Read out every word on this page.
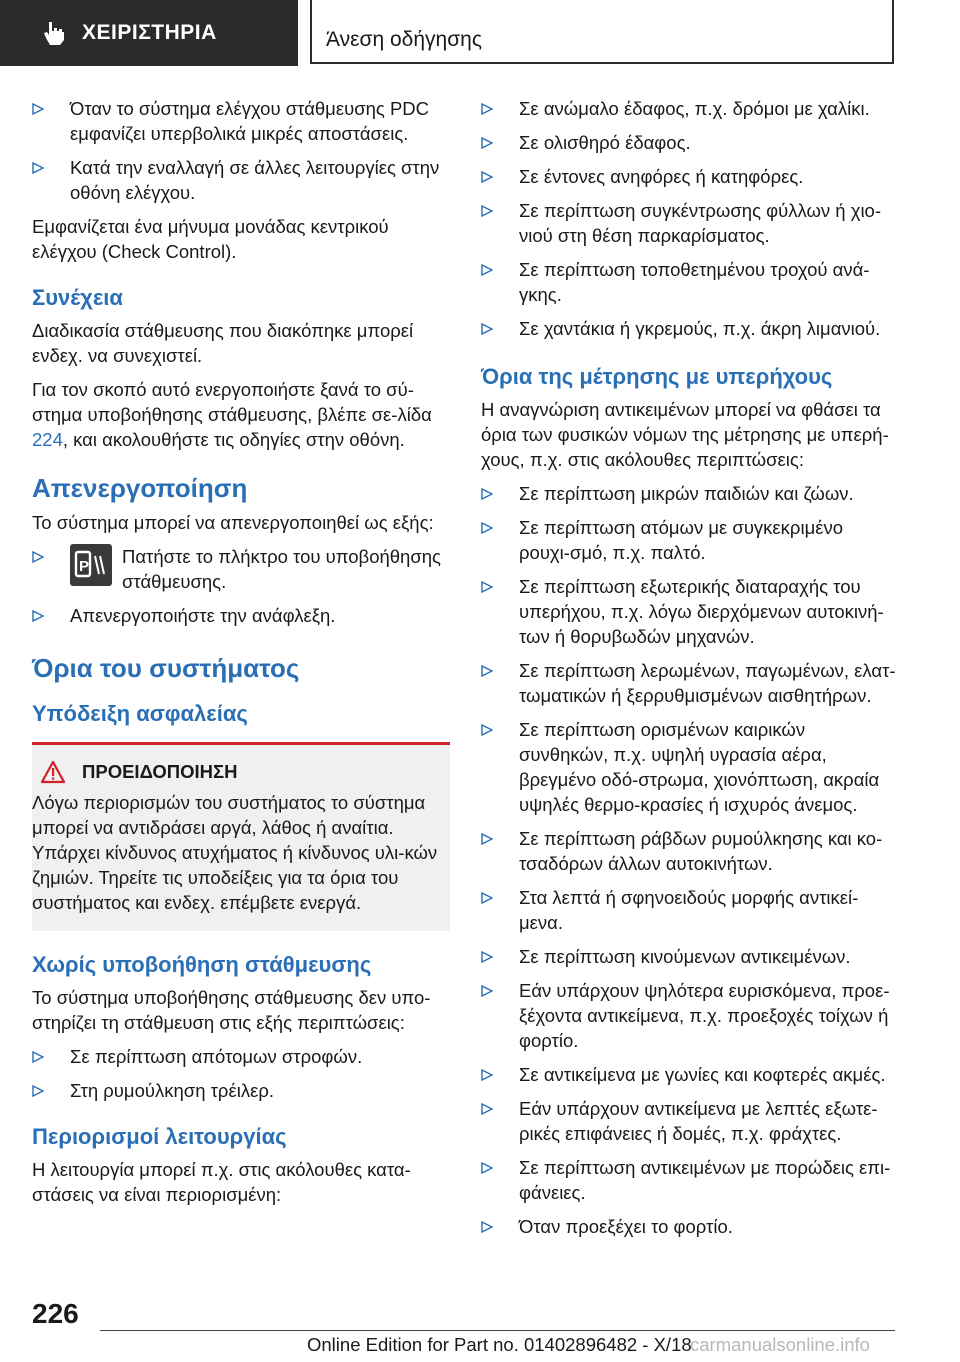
ΧΕΙΡΙΣΤΗΡΙΑ	Άνεση οδήγησης
Όταν το σύστημα ελέγχου στάθμευσης PDC εμφανίζει υπερβολικά μικρές αποστάσεις.
Κατά την εναλλαγή σε άλλες λειτουργίες στην οθόνη ελέγχου.

Εμφανίζεται ένα μήνυμα μονάδας κεντρικού ελέγχου (Check Control).

Συνέχεια

Διαδικασία στάθμευσης που διακόπηκε μπορεί ενδεχ. να συνεχιστεί.

Για τον σκοπό αυτό ενεργοποιήστε ξανά το σύ-στημα υποβοήθησης στάθμευσης, βλέπε σε-λίδα 224, και ακολουθήστε τις οδηγίες στην οθόνη.

Απενεργοποίηση

Το σύστημα μπορεί να απενεργοποιηθεί ως εξής:

P Πατήστε το πλήκτρο του υποβοήθησης στάθμευσης.
Απενεργοποιήστε την ανάφλεξη.
Όρια του συστήματος
Υπόδειξη ασφαλείας
ΠΡΟΕΙΔΟΠΟΙΗΣΗ
Λόγω περιορισμών του συστήματος το σύστημα μπορεί να αντιδράσει αργά, λάθος ή αναίτια. Υπάρχει κίνδυνος ατυχήματος ή κίνδυνος υλι-κών ζημιών. Τηρείτε τις υποδείξεις για τα όρια του συστήματος και ενδεχ. επέμβετε ενεργά.
Χωρίς υποβοήθηση στάθμευσης

Το σύστημα υποβοήθησης στάθμευσης δεν υπο-στηρίζει τη στάθμευση στις εξής περιπτώσεις:

Σε περίπτωση απότομων στροφών.
Στη ρυμούλκηση τρέιλερ.
Περιορισμοί λειτουργίας

Η λειτουργία μπορεί π.χ. στις ακόλουθες κατα-στάσεις να είναι περιορισμένη:

Σε ανώμαλο έδαφος, π.χ. δρόμοι με χαλίκι.
Σε ολισθηρό έδαφος.
Σε έντονες ανηφόρες ή κατηφόρες.
Σε περίπτωση συγκέντρωσης φύλλων ή χιο-νιού στη θέση παρκαρίσματος.
Σε περίπτωση τοποθετημένου τροχού ανά-γκης.
Σε χαντάκια ή γκρεμούς, π.χ. άκρη λιμανιού.
Όρια της μέτρησης με υπερήχους

Η αναγνώριση αντικειμένων μπορεί να φθάσει τα όρια των φυσικών νόμων της μέτρησης με υπερή-χους, π.χ. στις ακόλουθες περιπτώσεις:

Σε περίπτωση μικρών παιδιών και ζώων.
Σε περίπτωση ατόμων με συγκεκριμένο ρουχι-σμό, π.χ. παλτό.
Σε περίπτωση εξωτερικής διαταραχής του υπερήχου, π.χ. λόγω διερχόμενων αυτοκινή-των ή θορυβωδών μηχανών.
Σε περίπτωση λερωμένων, παγωμένων, ελατ-τωματικών ή ξερρυθμισμένων αισθητήρων.
Σε περίπτωση ορισμένων καιρικών συνθηκών, π.χ. υψηλή υγρασία αέρα, βρεγμένο οδό-στρωμα, χιονόπτωση, ακραία υψηλές θερμο-κρασίες ή ισχυρός άνεμος.
Σε περίπτωση ράβδων ρυμούλκησης και κο-τσαδόρων άλλων αυτοκινήτων.
Στα λεπτά ή σφηνοειδούς μορφής αντικεί-μενα.
Σε περίπτωση κινούμενων αντικειμένων.
Εάν υπάρχουν ψηλότερα ευρισκόμενα, προε-ξέχοντα αντικείμενα, π.χ. προεξοχές τοίχων ή φορτίο.
Σε αντικείμενα με γωνίες και κοφτερές ακμές.
Εάν υπάρχουν αντικείμενα με λεπτές εξωτε-ρικές επιφάνειες ή δομές, π.χ. φράχτες.
Σε περίπτωση αντικειμένων με πορώδεις επι-φάνειες.
Όταν προεξέχει το φορτίο.
226
Online Edition for Part no. 01402896482 - X/18
carmanualsonline.info
